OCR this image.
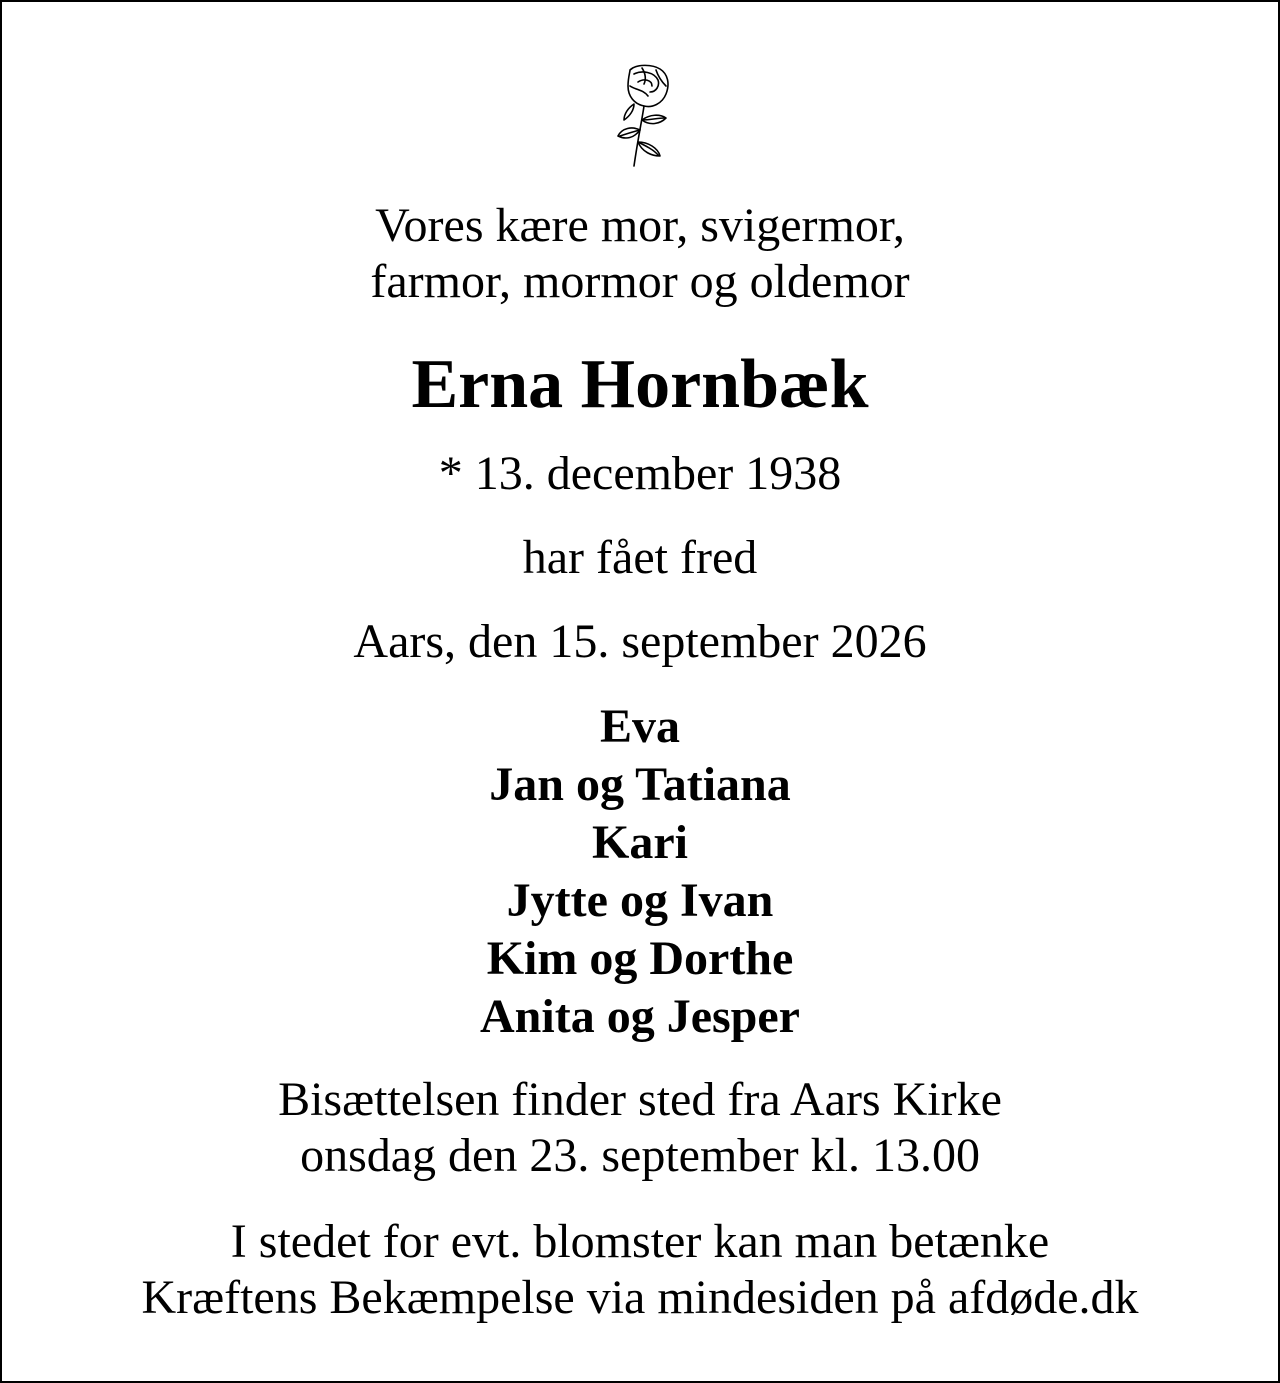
Vores kære mor, svigermor,
farmor, mormor og oldemor
Erna Hornbæk
* 13. december 1938
har fået fred
Aars, den 15. september 2026
Eva
Jan og Tatiana
Kari
Jytte og Ivan
Kim og Dorthe
Anita og Jesper
Bisættelsen finder sted fra Aars Kirke
onsdag den 23. september kl. 13.00
I stedet for evt. blomster kan man betænke
Kræftens Bekæmpelse via mindesiden på afdøde.dk
